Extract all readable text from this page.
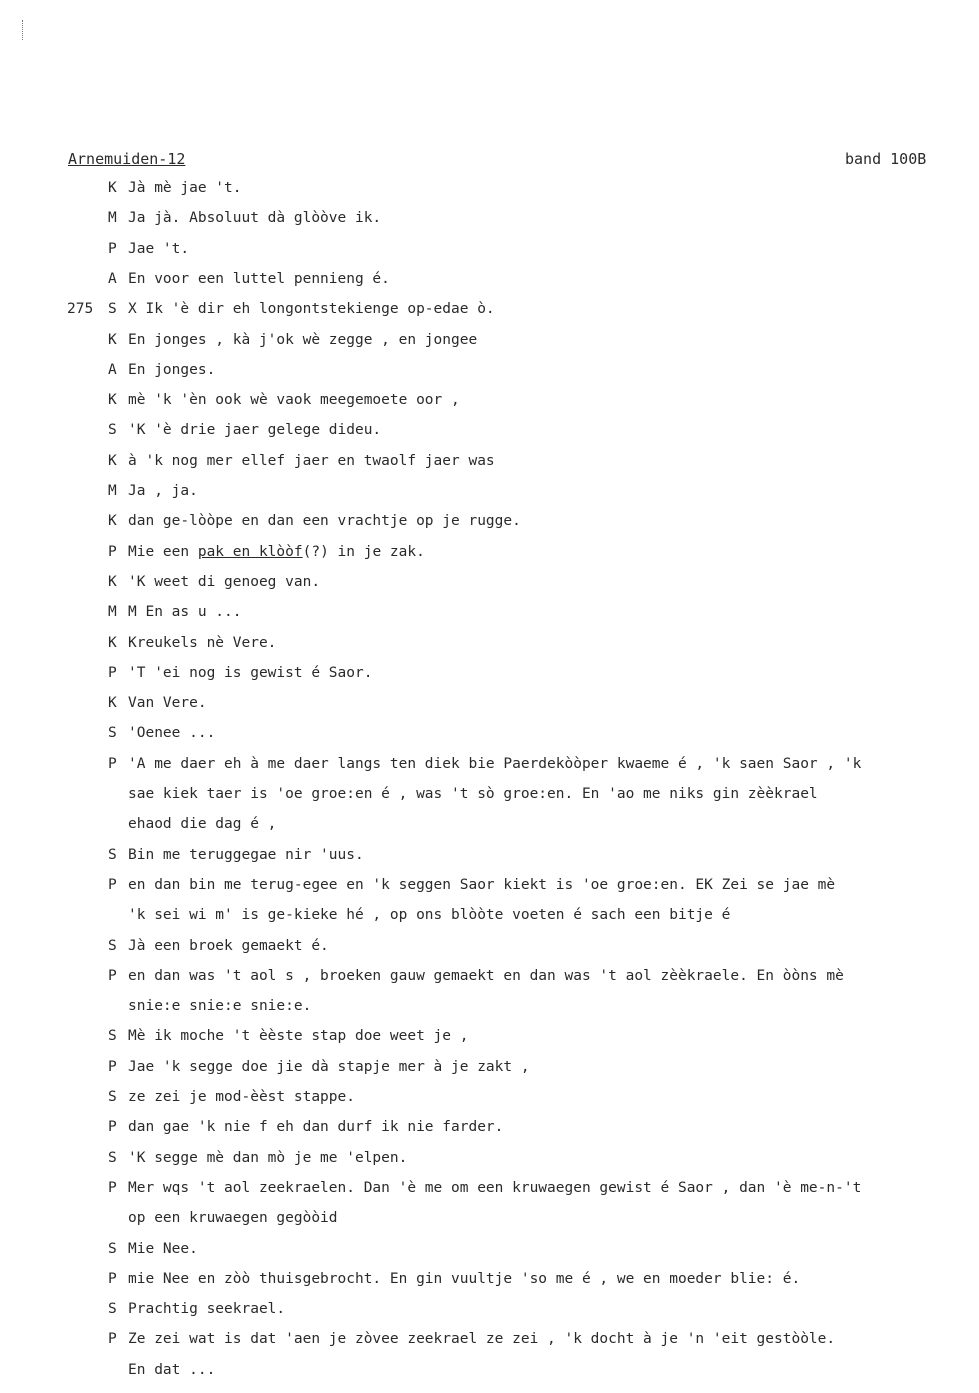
Arnemuiden-12	band 100B
K Jà mè jae 't.
M Ja jà. Absoluut dà glòòve ik.
P Jae 't.
A En voor een luttel pennieng é.
275	S X Ik 'è dir eh longontstekienge op-edae ò.
K En jonges , kà j'ok wè zegge , en jongee
A En jonges.
K mè 'k 'èn ook wè vaok meegemoete oor ,
S 'K 'è drie jaer gelege dideu.
K à 'k nog mer ellef jaer en twaolf jaer was
M Ja , ja.
K dan ge-lòòpe en dan een vrachtje op je rugge.
P Mie een pak en klòòf(?) in je zak.
K 'K weet di genoeg van.
M M En as u ...
K Kreukels nè Vere.
P 'T 'ei nog is gewist é Saor.
K Van Vere.
S 'Oenee ...
P 'A me daer eh à me daer langs ten diek bie Paerdekòòper kwaeme é , 'k saen Saor , 'k
sae kiek taer is 'oe groe:en é , was 't sò groe:en. En 'ao me niks gin zèèkrael
ehaod die dag é ,
S Bin me teruggegae nir 'uus.
P en dan bin me terug-egee en 'k seggen Saor kiekt is 'oe groe:en. EK Zei se jae mè
'k sei wi m' is ge-kieke hé , op ons blòòte voeten é sach een bitje é
S Jà een broek gemaekt é.
P en dan was 't aol s , broeken gauw gemaekt en dan was 't aol zèèkraele. En òòns mè
snie:e snie:e snie:e.
S Mè ik moche 't èèste stap doe weet je ,
P Jae 'k segge doe jie dà stapje mer à je zakt ,
S ze zei je mod-èèst stappe.
P dan gae 'k nie f eh dan durf ik nie farder.
S 'K segge mè dan mò je me 'elpen.
P Mer wqs 't aol zeekraelen. Dan 'è me om een kruwaegen gewist é Saor , dan 'è me-n-'t
op een kruwaegen gegòòid
S Mie Nee.
P mie Nee en zòò thuisgebrocht. En gin vuultje 'so me é , we en moeder blie: é.
S Prachtig seekrael.
P Ze zei wat is dat 'aen je zòvee zeekrael ze zei , 'k docht à je 'n 'eit gestòòle.
En dat ...
